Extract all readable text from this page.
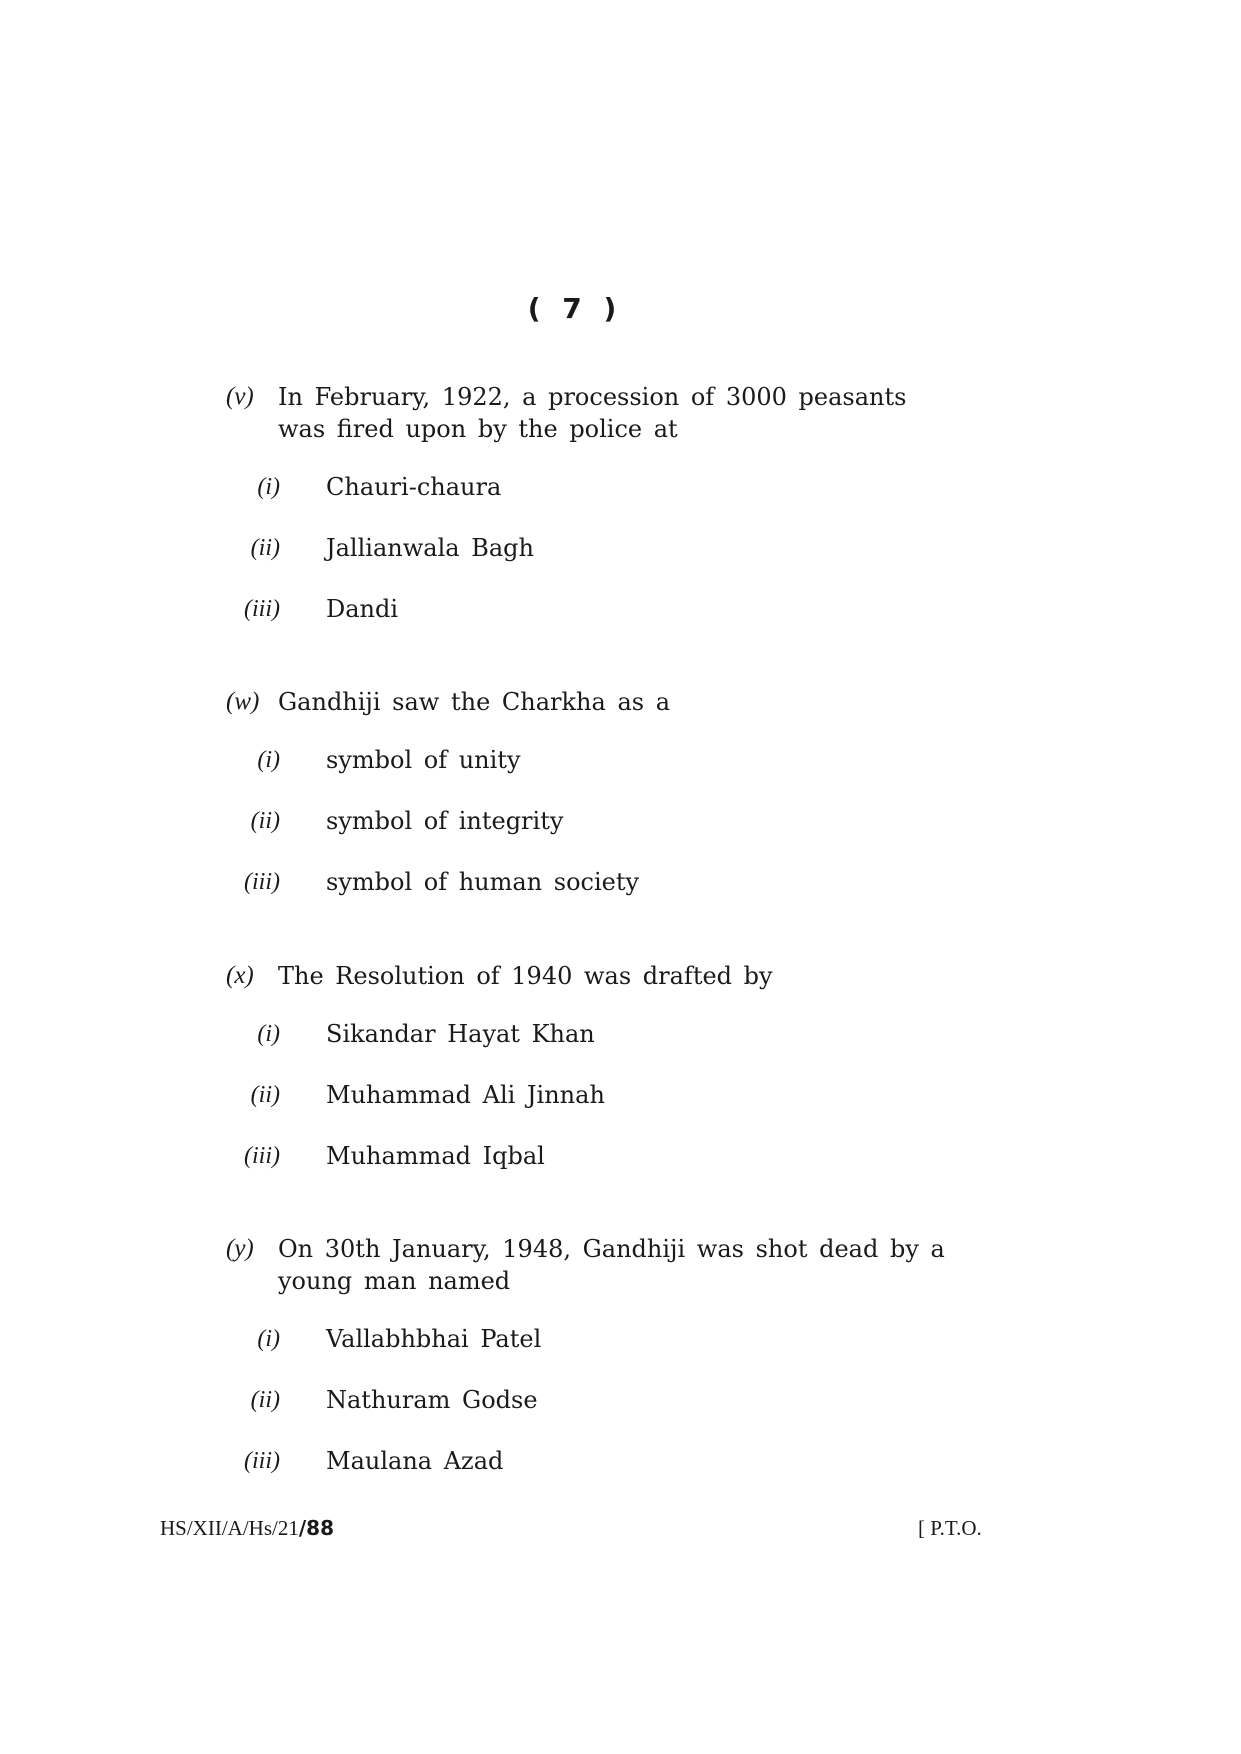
( 7 )
(v) In February, 1922, a procession of 3000 peasants was fired upon by the police at
(i) Chauri-chaura
(ii) Jallianwala Bagh
(iii) Dandi
(w) Gandhiji saw the Charkha as a
(i) symbol of unity
(ii) symbol of integrity
(iii) symbol of human society
(x) The Resolution of 1940 was drafted by
(i) Sikandar Hayat Khan
(ii) Muhammad Ali Jinnah
(iii) Muhammad Iqbal
(y) On 30th January, 1948, Gandhiji was shot dead by a young man named
(i) Vallabhbhai Patel
(ii) Nathuram Godse
(iii) Maulana Azad
HS/XII/A/Hs/21/88	[ P.T.O.
